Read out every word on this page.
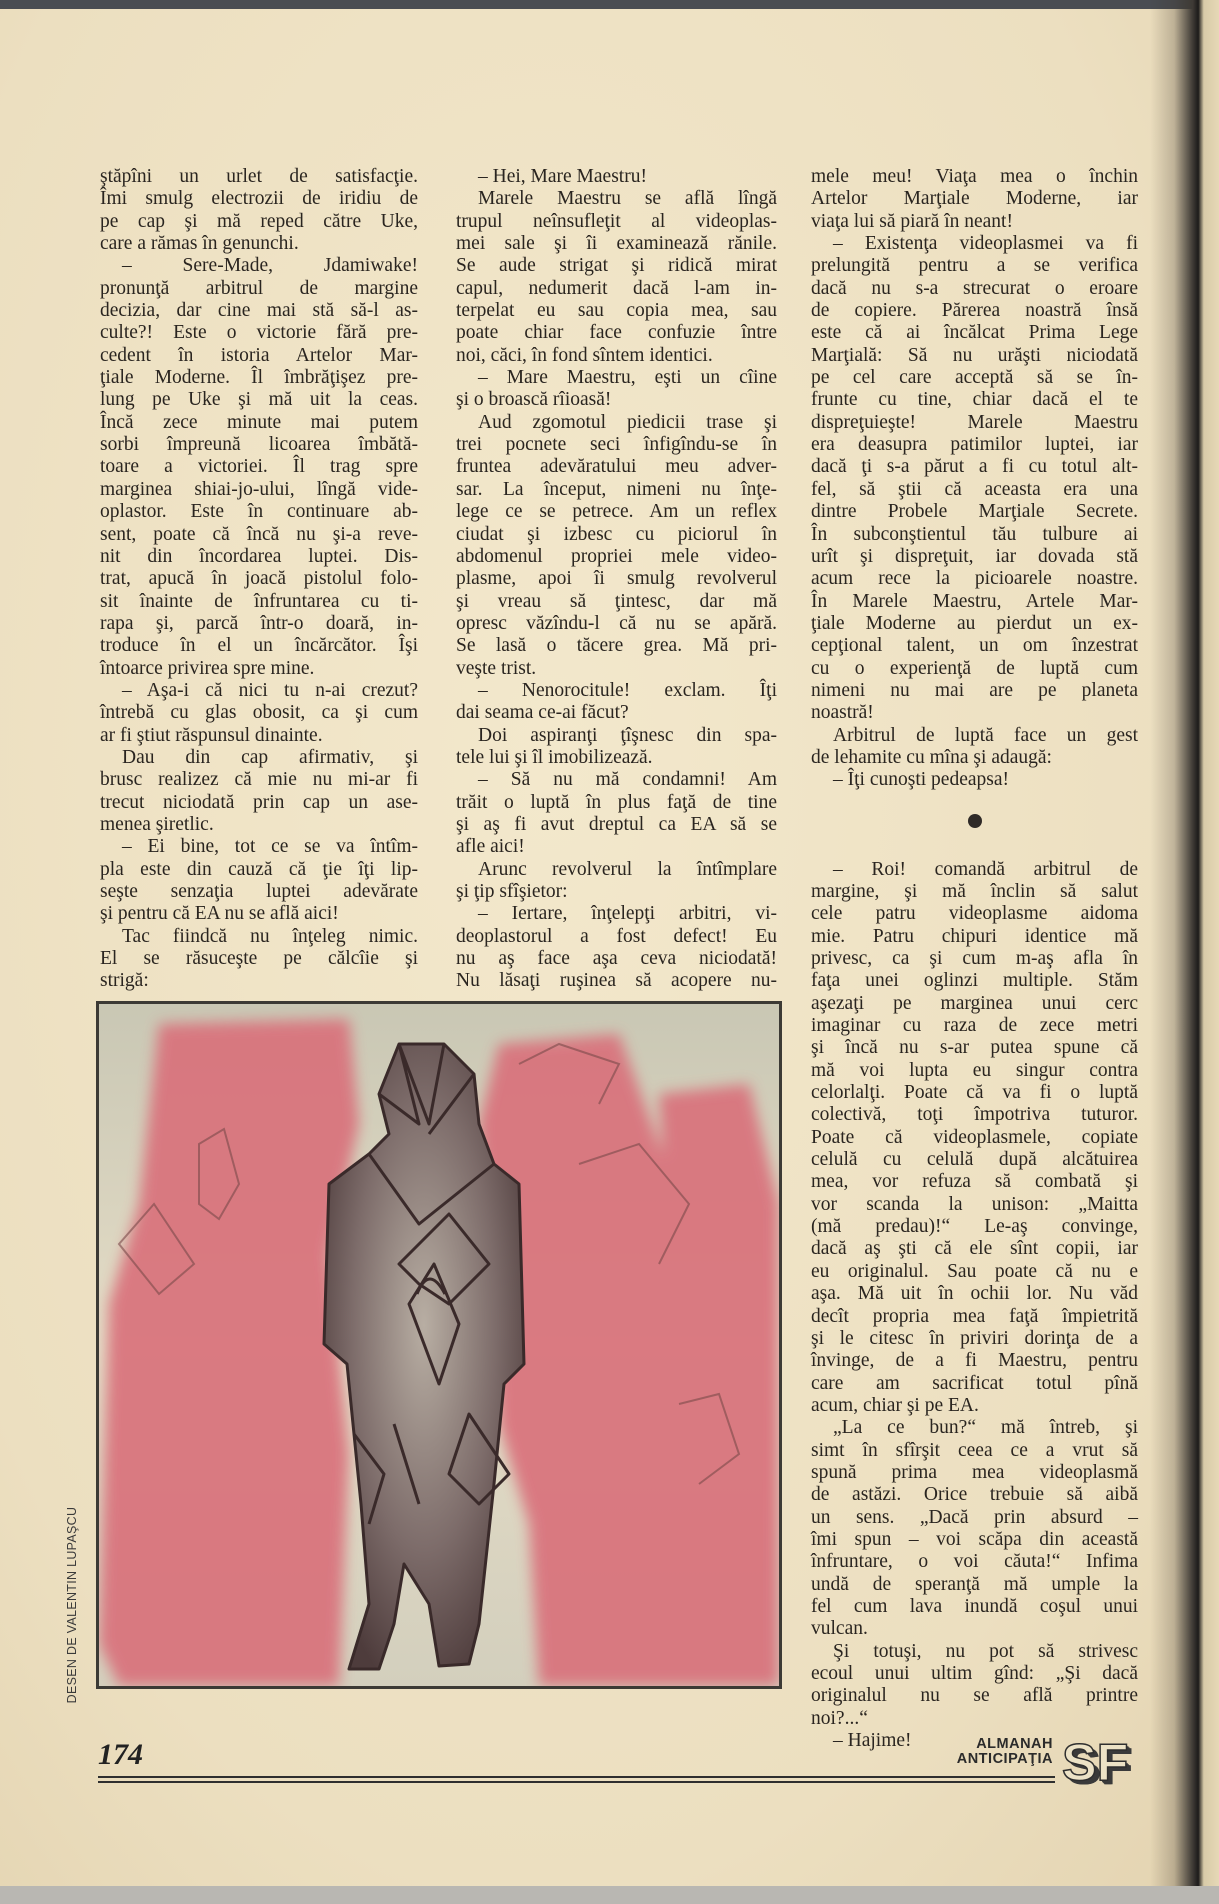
ştăpîni un urlet de satisfacţie.
Îmi smulg electrozii de iridiu de
pe cap şi mă reped către Uke,
care a rămas în genunchi.
– Sere-Made, Jdamiwake!
pronunţă arbitrul de margine
decizia, dar cine mai stă să-l as-
culte?! Este o victorie fără pre-
cedent în istoria Artelor Mar-
ţiale Moderne. Îl îmbrăţişez pre-
lung pe Uke şi mă uit la ceas.
Încă zece minute mai putem
sorbi împreună licoarea îmbătă-
toare a victoriei. Îl trag spre
marginea shiai-jo-ului, lîngă vide-
oplastor. Este în continuare ab-
sent, poate că încă nu şi-a reve-
nit din încordarea luptei. Dis-
trat, apucă în joacă pistolul folo-
sit înainte de înfruntarea cu ti-
rapa şi, parcă într-o doară, in-
troduce în el un încărcător. Îşi
întoarce privirea spre mine.
– Aşa-i că nici tu n-ai crezut?
întrebă cu glas obosit, ca şi cum
ar fi ştiut răspunsul dinainte.
Dau din cap afirmativ, şi
brusc realizez că mie nu mi-ar fi
trecut niciodată prin cap un ase-
menea şiretlic.
– Ei bine, tot ce se va întîm-
pla este din cauză că ţie îţi lip-
seşte senzaţia luptei adevărate
şi pentru că EA nu se află aici!
Tac fiindcă nu înţeleg nimic.
El se răsuceşte pe călcîie şi
strigă:
– Hei, Mare Maestru!
Marele Maestru se află lîngă
trupul neînsufleţit al videoplas-
mei sale şi îi examinează rănile.
Se aude strigat şi ridică mirat
capul, nedumerit dacă l-am in-
terpelat eu sau copia mea, sau
poate chiar face confuzie între
noi, căci, în fond sîntem identici.
– Mare Maestru, eşti un cîine
şi o broască rîioasă!
Aud zgomotul piedicii trase şi
trei pocnete seci înfigîndu-se în
fruntea adevăratului meu adver-
sar. La început, nimeni nu înţe-
lege ce se petrece. Am un reflex
ciudat şi izbesc cu piciorul în
abdomenul propriei mele video-
plasme, apoi îi smulg revolverul
şi vreau să ţintesc, dar mă
opresc văzîndu-l că nu se apără.
Se lasă o tăcere grea. Mă pri-
veşte trist.
– Nenorocitule! exclam. Îţi
dai seama ce-ai făcut?
Doi aspiranţi ţîşnesc din spa-
tele lui şi îl imobilizează.
– Să nu mă condamni! Am
trăit o luptă în plus faţă de tine
şi aş fi avut dreptul ca EA să se
afle aici!
Arunc revolverul la întîmplare
şi ţip sfîşietor:
– Iertare, înţelepţi arbitri, vi-
deoplastorul a fost defect! Eu
nu aş face aşa ceva niciodată!
Nu lăsaţi ruşinea să acopere nu-
mele meu! Viaţa mea o închin
Artelor Marţiale Moderne, iar
viaţa lui să piară în neant!
– Existenţa videoplasmei va fi
prelungită pentru a se verifica
dacă nu s-a strecurat o eroare
de copiere. Părerea noastră însă
este că ai încălcat Prima Lege
Marţială: Să nu urăşti niciodată
pe cel care acceptă să se în-
frunte cu tine, chiar dacă el te
dispreţuieşte! Marele Maestru
era deasupra patimilor luptei, iar
dacă ţi s-a părut a fi cu totul alt-
fel, să ştii că aceasta era una
dintre Probele Marţiale Secrete.
În subconştientul tău tulbure ai
urît şi dispreţuit, iar dovada stă
acum rece la picioarele noastre.
În Marele Maestru, Artele Mar-
ţiale Moderne au pierdut un ex-
cepţional talent, un om înzestrat
cu o experienţă de luptă cum
nimeni nu mai are pe planeta
noastră!
Arbitrul de luptă face un gest
de lehamite cu mîna şi adaugă:
– Îţi cunoşti pedeapsa!
– Roi! comandă arbitrul de
margine, şi mă înclin să salut
cele patru videoplasme aidoma
mie. Patru chipuri identice mă
privesc, ca şi cum m-aş afla în
faţa unei oglinzi multiple. Stăm
aşezaţi pe marginea unui cerc
imaginar cu raza de zece metri
şi încă nu s-ar putea spune că
mă voi lupta eu singur contra
celorlalţi. Poate că va fi o luptă
colectivă, toţi împotriva tuturor.
Poate că videoplasmele, copiate
celulă cu celulă după alcătuirea
mea, vor refuza să combată şi
vor scanda la unison: „Maitta
(mă predau)!“ Le-aş convinge,
dacă aş şti că ele sînt copii, iar
eu originalul. Sau poate că nu e
aşa. Mă uit în ochii lor. Nu văd
decît propria mea faţă împietrită
şi le citesc în priviri dorinţa de a
învinge, de a fi Maestru, pentru
care am sacrificat totul pînă
acum, chiar şi pe EA.
„La ce bun?“ mă întreb, şi
simt în sfîrşit ceea ce a vrut să
spună prima mea videoplasmă
de astăzi. Orice trebuie să aibă
un sens. „Dacă prin absurd –
îmi spun – voi scăpa din această
înfruntare, o voi căuta!“ Infima
undă de speranţă mă umple la
fel cum lava inundă coşul unui
vulcan.
Şi totuşi, nu pot să strivesc
ecoul unui ultim gînd: „Şi dacă
originalul nu se află printre
noi?...“
– Hajime!
DESEN DE VALENTIN LUPAŞCU
174	ALMANAH
ANTICIPAŢIA SF
